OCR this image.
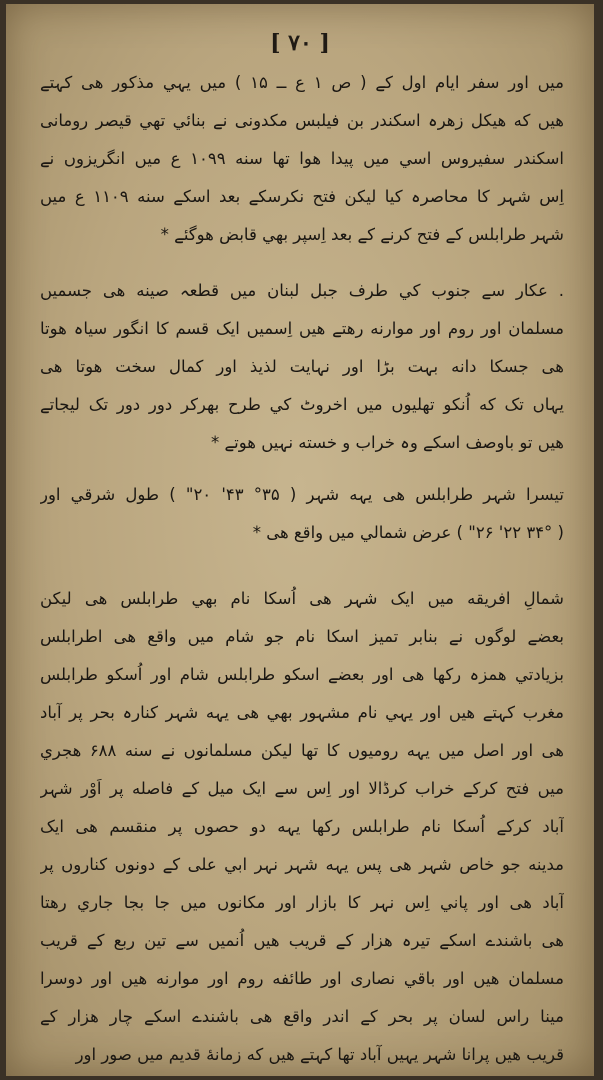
[ ۷۰ ]
میں اور سفر ایام اول کے ( ص ۱ ع ــ ۱۵ ) میں یہي مذکور هی کہتے
هیں که هیکل زهرہ اسکندر بن فیلبس مکدونی نے بنائي تهي قیصر رومانی
اسکندر سفیروس اسي میں پیدا هوا تها سنه ۱۰۹۹ ع میں انگریزوں نے
اِس شہر کا محاصرہ کیا لیکن فتح نکرسکے بعد اسکے سنه ۱۱۰۹ ع میں
شہر طرابلس کے فتح کرنے کے بعد اِسپر بهي قابض هوگئے *
. عکار سے جنوب کي طرف جبل لبنان میں قطعہ صینه هی جسمیں
مسلمان اور روم اور موارنه رهتے هیں اِسمیں ایک قسم کا انگور سیاہ هوتا
هی جسکا دانه بہت بڑا اور نہایت لذیذ اور کمال سخت هوتا هی
یہاں تک که اُنکو تهلیوں میں اخروٹ کي طرح بهرکر دور دور تک لیجاتے
هیں تو باوصف اسکے وہ خراب و خسته نہیں هوتے *
تیسرا شہر طرابلس هی یہه شہر ( ۳۵° ۴۳' ۲۰" ) طول شرقي اور
( ۳۴° ۲۲' ۲۶" ) عرض شمالي میں واقع هی *
شمالِ افریقه میں ایک شہر هی اُسکا نام بهي طرابلس هی لیکن
بعضے لوگوں نے بنابر تمیز اسکا نام جو شام میں واقع هی اطرابلس
بزیادتي همزہ رکها هی اور بعضے اسکو طرابلس شام اور اُسکو طرابلس
مغرب کہتے هیں اور یہي نام مشہور بهي هی یہه شہر کنارہ بحر پر آباد
هی اور اصل میں یہه رومیوں کا تها لیکن مسلمانوں نے سنه ۶۸۸ هجري
میں فتح کرکے خراب کرڈالا اور اِس سے ایک میل کے فاصله پر اَوْر شہر
آباد کرکے اُسکا نام طرابلس رکها یہه دو حصوں پر منقسم هی ایک
مدینه جو خاص شہر هی پس یہه شہر نہر ابي علی کے دونوں کناروں پر
آباد هی اور پاني اِس نہر کا بازار اور مکانوں میں جا بجا جاري رهتا
هی باشندے اسکے تیرہ هزار کے قریب هیں اُنمیں سے تین ربع کے قریب
مسلمان هیں اور باقي نصاری اور طائفه روم اور موارنه هیں اور دوسرا
مینا راس لسان پر بحر کے اندر واقع هی باشندے اسکے چار هزار کے
قریب هیں پرانا شہر یہیں آباد تها کہتے هیں که زمانهٔ قدیم میں صور اور
